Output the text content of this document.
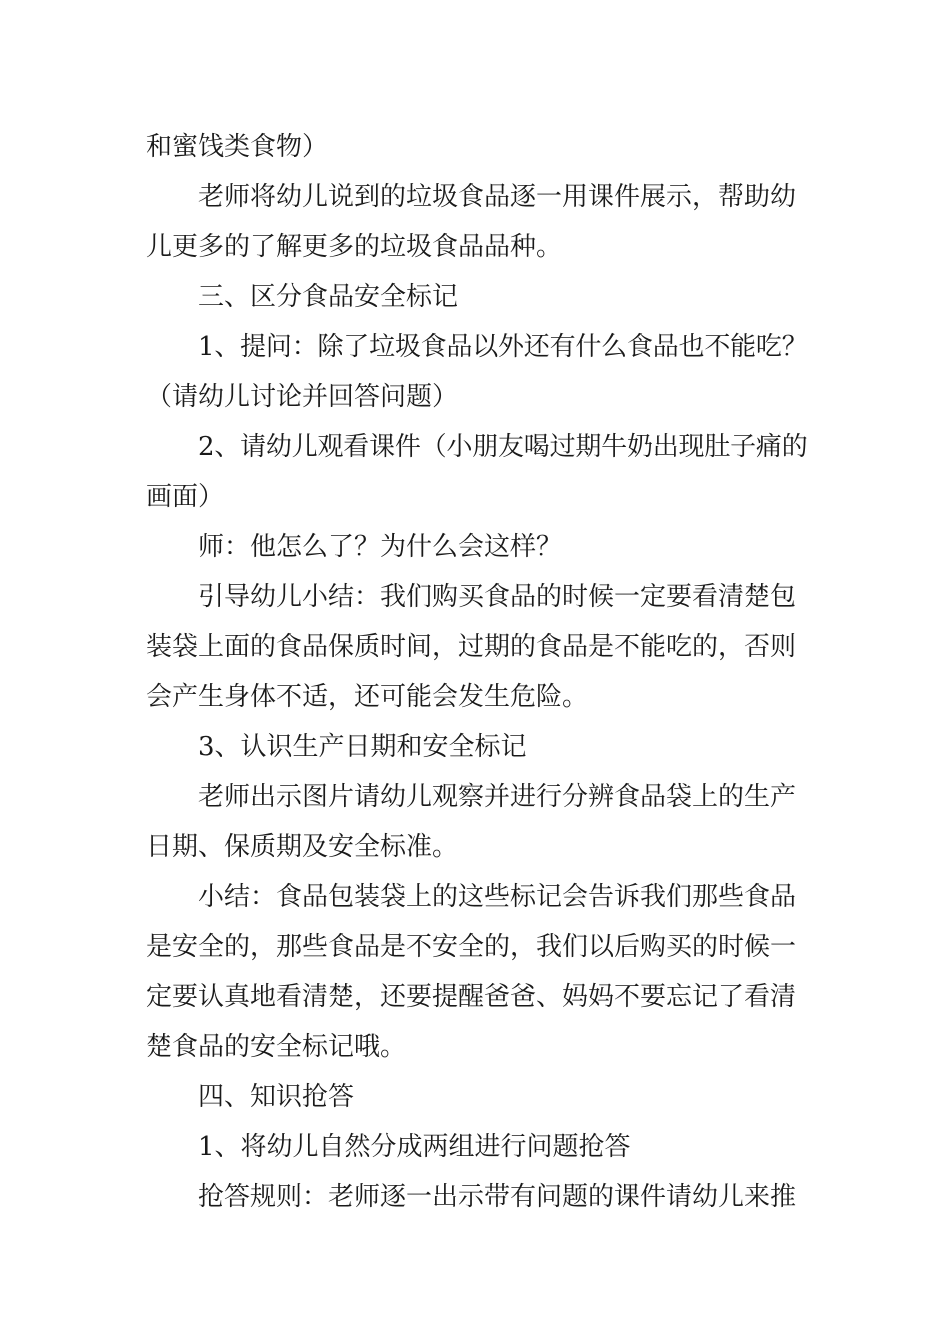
和蜜饯类食物）
老师将幼儿说到的垃圾食品逐一用课件展示，帮助幼
儿更多的了解更多的垃圾食品品种。
三、区分食品安全标记
1、提问：除了垃圾食品以外还有什么食品也不能吃？
（请幼儿讨论并回答问题）
2、请幼儿观看课件（小朋友喝过期牛奶出现肚子痛的
画面）
师：他怎么了？为什么会这样？
引导幼儿小结：我们购买食品的时候一定要看清楚包
装袋上面的食品保质时间，过期的食品是不能吃的，否则
会产生身体不适，还可能会发生危险。
3、认识生产日期和安全标记
老师出示图片请幼儿观察并进行分辨食品袋上的生产
日期、保质期及安全标准。
小结：食品包装袋上的这些标记会告诉我们那些食品
是安全的，那些食品是不安全的，我们以后购买的时候一
定要认真地看清楚，还要提醒爸爸、妈妈不要忘记了看清
楚食品的安全标记哦。
四、知识抢答
1、将幼儿自然分成两组进行问题抢答
抢答规则：老师逐一出示带有问题的课件请幼儿来推
